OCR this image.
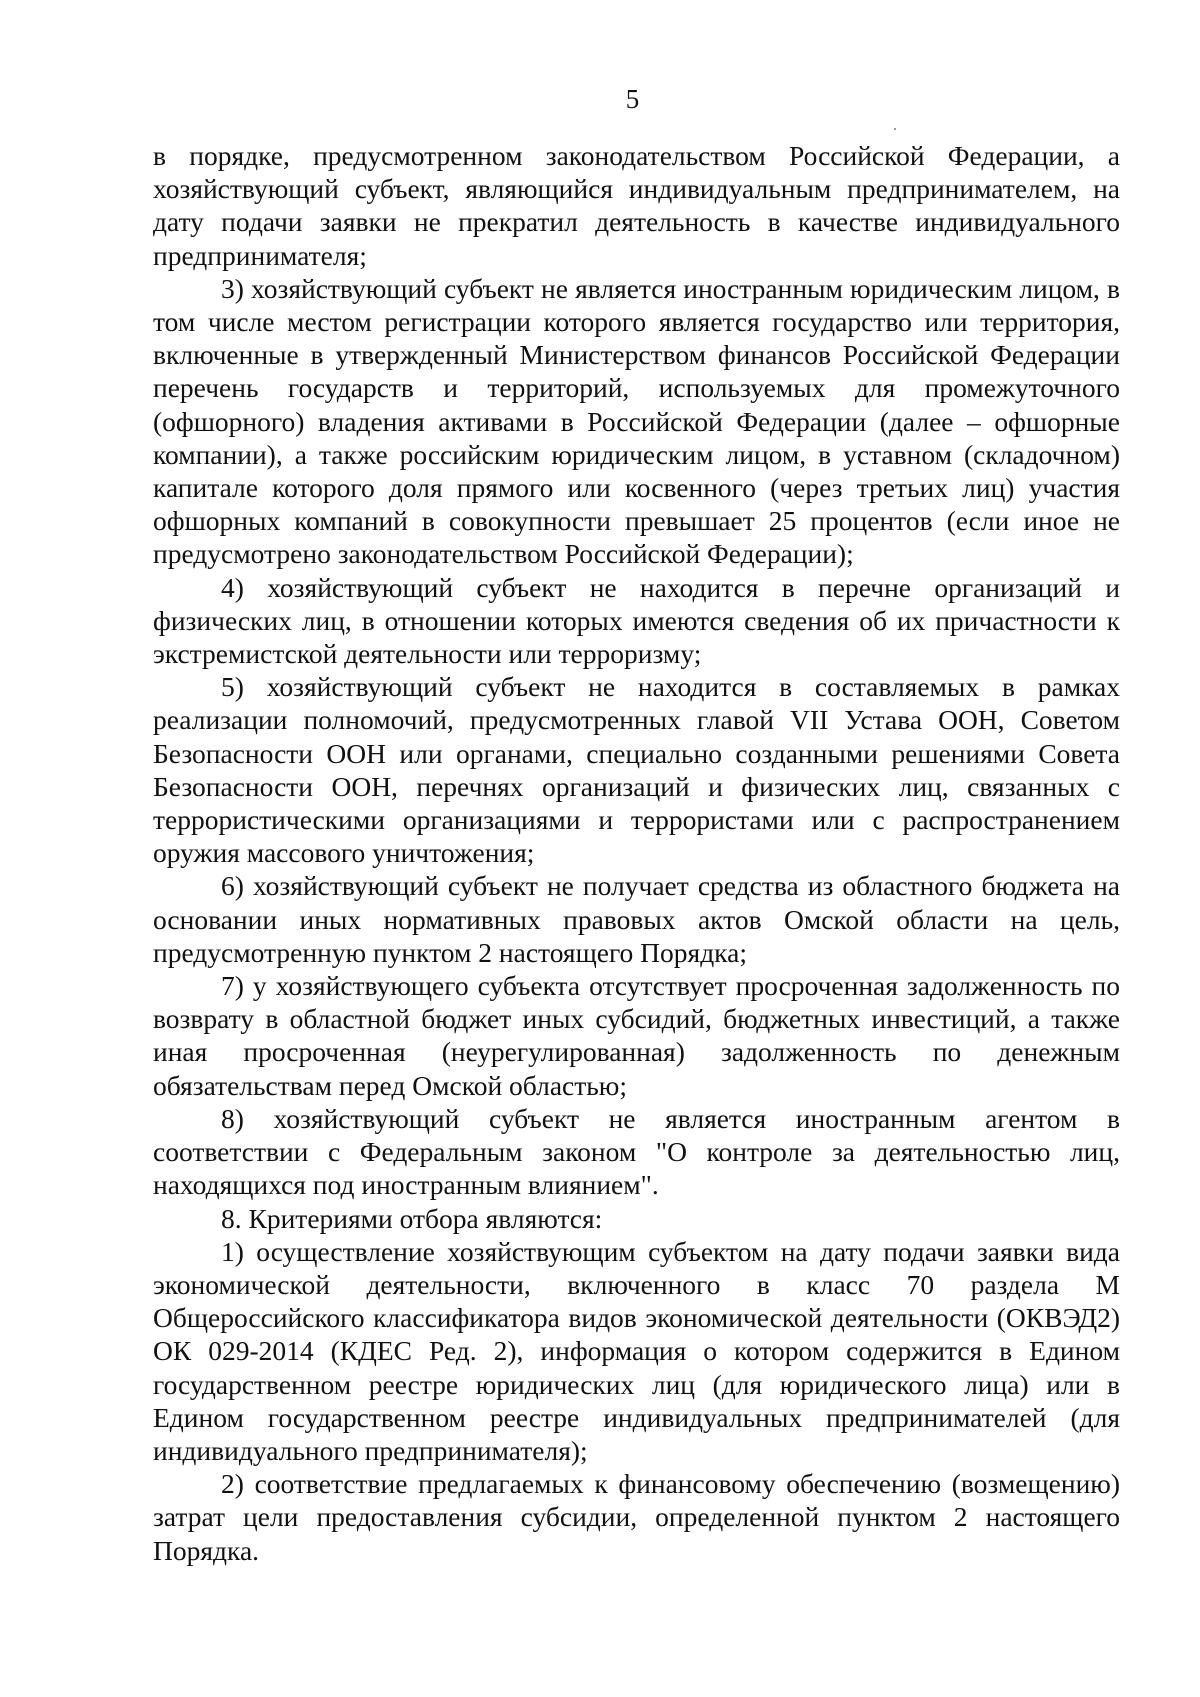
5

в порядке, предусмотренном законодательством Российской Федерации, а хозяйствующий субъект, являющийся индивидуальным предпринимателем, на дату подачи заявки не прекратил деятельность в качестве индивидуального предпринимателя;

3) хозяйствующий субъект не является иностранным юридическим лицом, в том числе местом регистрации которого является государство или территория, включенные в утвержденный Министерством финансов Российской Федерации перечень государств и территорий, используемых для промежуточного (офшорного) владения активами в Российской Федерации (далее – офшорные компании), а также российским юридическим лицом, в уставном (складочном) капитале которого доля прямого или косвенного (через третьих лиц) участия офшорных компаний в совокупности превышает 25 процентов (если иное не предусмотрено законодательством Российской Федерации);

4) хозяйствующий субъект не находится в перечне организаций и физических лиц, в отношении которых имеются сведения об их причастности к экстремистской деятельности или терроризму;

5) хозяйствующий субъект не находится в составляемых в рамках реализации полномочий, предусмотренных главой VII Устава ООН, Советом Безопасности ООН или органами, специально созданными решениями Совета Безопасности ООН, перечнях организаций и физических лиц, связанных с террористическими организациями и террористами или с распространением оружия массового уничтожения;

6) хозяйствующий субъект не получает средства из областного бюджета на основании иных нормативных правовых актов Омской области на цель, предусмотренную пунктом 2 настоящего Порядка;

7) у хозяйствующего субъекта отсутствует просроченная задолженность по возврату в областной бюджет иных субсидий, бюджетных инвестиций, а также иная просроченная (неурегулированная) задолженность по денежным обязательствам перед Омской областью;

8) хозяйствующий субъект не является иностранным агентом в соответствии с Федеральным законом "О контроле за деятельностью лиц, находящихся под иностранным влиянием".

8. Критериями отбора являются:

1) осуществление хозяйствующим субъектом на дату подачи заявки вида экономической деятельности, включенного в класс 70 раздела М Общероссийского классификатора видов экономической деятельности (ОКВЭД2) ОК 029-2014 (КДЕС Ред. 2), информация о котором содержится в Едином государственном реестре юридических лиц (для юридического лица) или в Едином государственном реестре индивидуальных предпринимателей (для индивидуального предпринимателя);

2) соответствие предлагаемых к финансовому обеспечению (возмещению) затрат цели предоставления субсидии, определенной пунктом 2 настоящего Порядка.
